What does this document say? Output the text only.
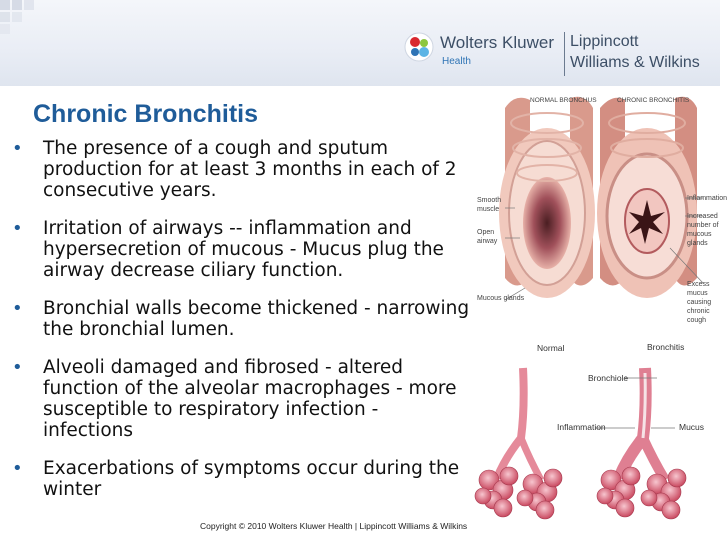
Wolters Kluwer
Health
Lippincott
Williams & Wilkins
Chronic Bronchitis
• The presence of a cough and sputum production for at least 3 months in each of 2 consecutive years.
• Irritation of airways -- inflammation and hypersecretion of mucous - Mucus plug the airway decrease ciliary function.
• Bronchial walls become thickened - narrowing the bronchial lumen.
• Alveoli damaged and fibrosed - altered function of the alveolar macrophages - more susceptible to respiratory infection - infections
• Exacerbations of symptoms occur during the winter
NORMAL BRONCHUS	CHRONIC BRONCHITIS
Smooth muscle
Open airway
Mucous glands
Inflammation
Increased number of mucous glands
Excess mucus causing chronic cough
Normal	Bronchitis
Bronchiole
Inflammation	Mucus
Copyright © 2010 Wolters Kluwer Health | Lippincott Williams & Wilkins
